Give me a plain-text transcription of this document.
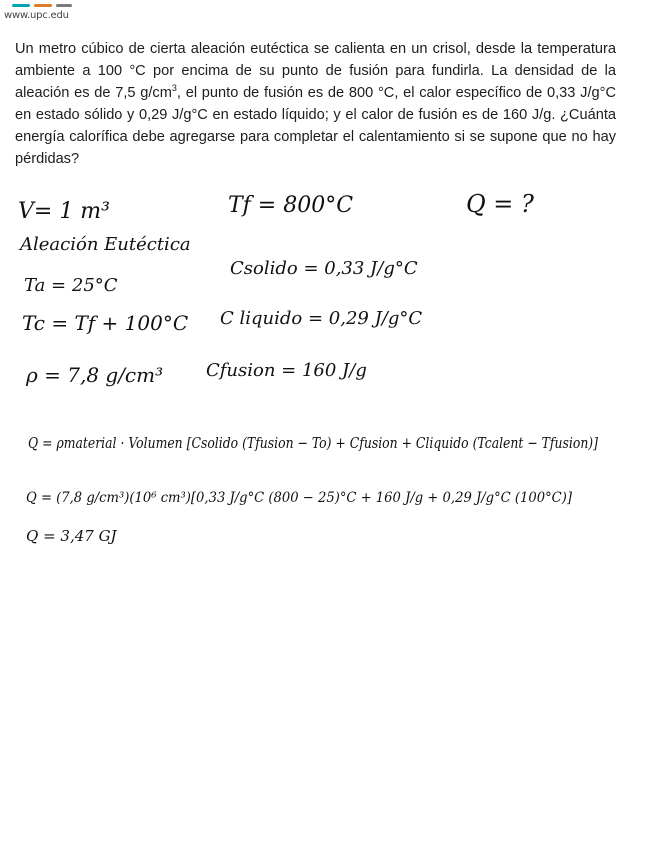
www.upc.edu

Un metro cúbico de cierta aleación eutéctica se calienta en un crisol, desde la temperatura ambiente a 100 °C por encima de su punto de fusión para fundirla. La densidad de la aleación es de 7,5 $g/cm^3$, el punto de fusión es de 800 °C, el calor específico de 0,33 J/g°C en estado sólido y 0,29 J/g°C en estado líquido; y el calor de fusión es de 160 J/g. ¿Cuánta energía calorífica debe agregarse para completar el calentamiento si se supone que no hay pérdidas?

V= 1 m³	Tf = 800°C	Q = ?
Aleación Eutéctica
Ta = 25°C
Csolido = 0,33 J/g°C
Tc = Tf + 100°C C liquido = 0,29 J/g°C
ρ = 7,8 g/cm³ Cfusion = 160 J/g
Q = ρmaterial · Volumen [Csolido (Tfusion − To) + Cfusion + Cliquido (Tcalent − Tfusion)]
Q = (7,8 g/cm³)(10⁶ cm³)[0,33 J/g°C (800 − 25)°C + 160 J/g + 0,29 J/g°C (100°C)]
Q = 3,47 GJ
